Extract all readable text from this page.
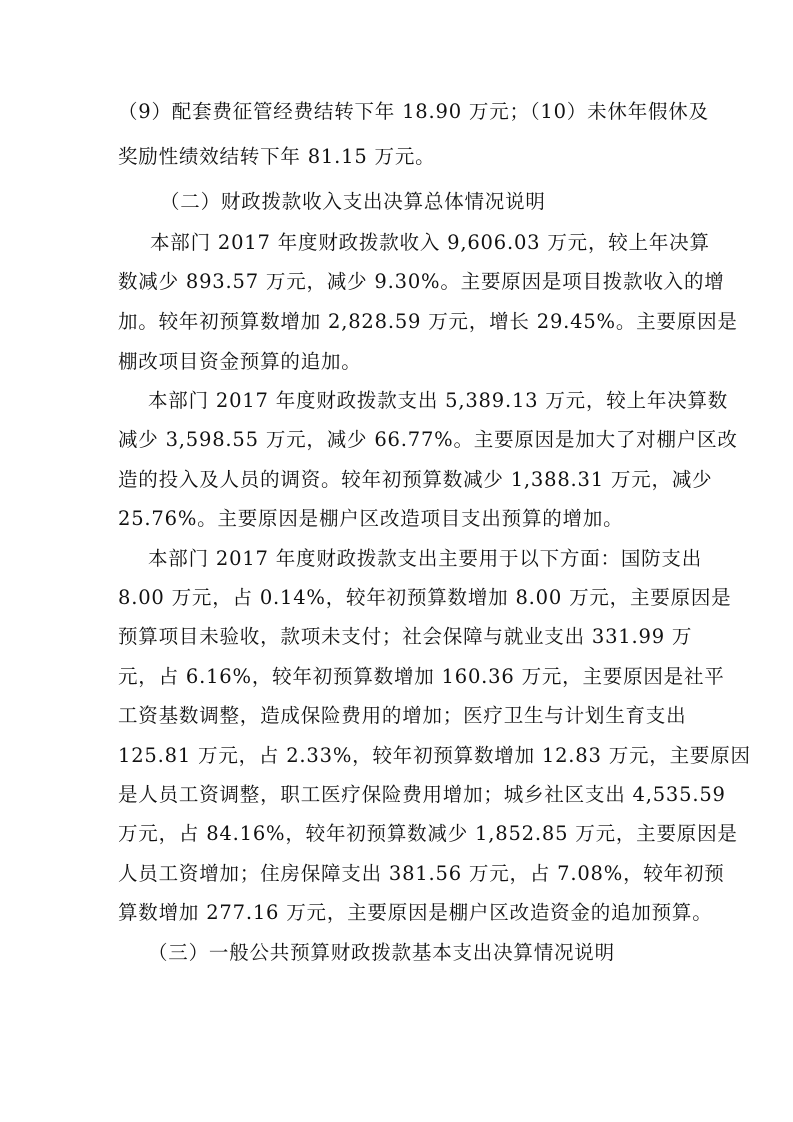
（9）配套费征管经费结转下年 18.90 万元；（10）未休年假休及
奖励性绩效结转下年 81.15 万元。
（二）财政拨款收入支出决算总体情况说明
本部门 2017 年度财政拨款收入 9,606.03 万元，较上年决算
数减少 893.57 万元，减少 9.30%。主要原因是项目拨款收入的增
加。较年初预算数增加 2,828.59 万元，增长 29.45%。主要原因是
棚改项目资金预算的追加。
本部门 2017 年度财政拨款支出 5,389.13 万元，较上年决算数
减少 3,598.55 万元，减少 66.77%。主要原因是加大了对棚户区改
造的投入及人员的调资。较年初预算数减少 1,388.31 万元，减少
25.76%。主要原因是棚户区改造项目支出预算的增加。
本部门 2017 年度财政拨款支出主要用于以下方面：国防支出
8.00 万元，占 0.14%，较年初预算数增加 8.00 万元，主要原因是
预算项目未验收，款项未支付；社会保障与就业支出 331.99 万
元，占 6.16%，较年初预算数增加 160.36 万元，主要原因是社平
工资基数调整，造成保险费用的增加；医疗卫生与计划生育支出
125.81 万元，占 2.33%，较年初预算数增加 12.83 万元，主要原因
是人员工资调整，职工医疗保险费用增加；城乡社区支出 4,535.59
万元，占 84.16%，较年初预算数减少 1,852.85 万元，主要原因是
人员工资增加；住房保障支出 381.56 万元，占 7.08%，较年初预
算数增加 277.16 万元，主要原因是棚户区改造资金的追加预算。
（三）一般公共预算财政拨款基本支出决算情况说明
